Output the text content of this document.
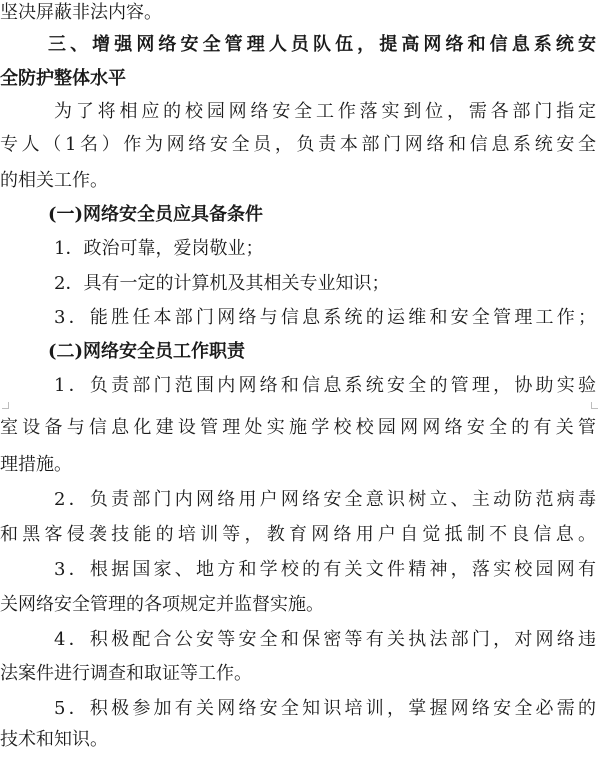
坚决屏蔽非法内容。
三、增强网络安全管理人员队伍，提高网络和信息系统安
全防护整体水平
为了将相应的校园网络安全工作落实到位，需各部门指定
专人（1名）作为网络安全员，负责本部门网络和信息系统安全
的相关工作。
(一)网络安全员应具备条件
1．政治可靠，爱岗敬业；
2．具有一定的计算机及其相关专业知识；
3．能胜任本部门网络与信息系统的运维和安全管理工作；
(二)网络安全员工作职责
1．负责部门范围内网络和信息系统安全的管理，协助实验
室设备与信息化建设管理处实施学校校园网网络安全的有关管
理措施。
2．负责部门内网络用户网络安全意识树立、主动防范病毒
和黑客侵袭技能的培训等，教育网络用户自觉抵制不良信息。
3．根据国家、地方和学校的有关文件精神，落实校园网有
关网络安全管理的各项规定并监督实施。
4．积极配合公安等安全和保密等有关执法部门，对网络违
法案件进行调查和取证等工作。
5．积极参加有关网络安全知识培训，掌握网络安全必需的
技术和知识。
